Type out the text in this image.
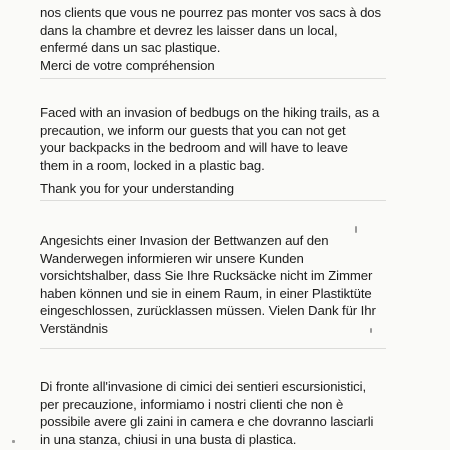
nos clients que vous ne pourrez pas monter vos sacs à dos
dans la chambre et devrez les laisser dans un local,
enfermé dans un sac plastique.
Merci de votre compréhension
Faced with an invasion of bedbugs on the hiking trails, as a
precaution, we inform our guests that you can not get
your backpacks in the bedroom and will have to leave
them in a room, locked in a plastic bag.
Thank you for your understanding
Angesichts einer Invasion der Bettwanzen auf den
Wanderwegen informieren wir unsere Kunden
vorsichtshalber, dass Sie Ihre Rucksäcke nicht im Zimmer
haben können und sie in einem Raum, in einer Plastiktüte
eingeschlossen, zurücklassen müssen. Vielen Dank für Ihr
Verständnis
Di fronte all'invasione di cimici dei sentieri escursionistici,
per precauzione, informiamo i nostri clienti che non è
possibile avere gli zaini in camera e che dovranno lasciarli
in una stanza, chiusi in una busta di plastica.
